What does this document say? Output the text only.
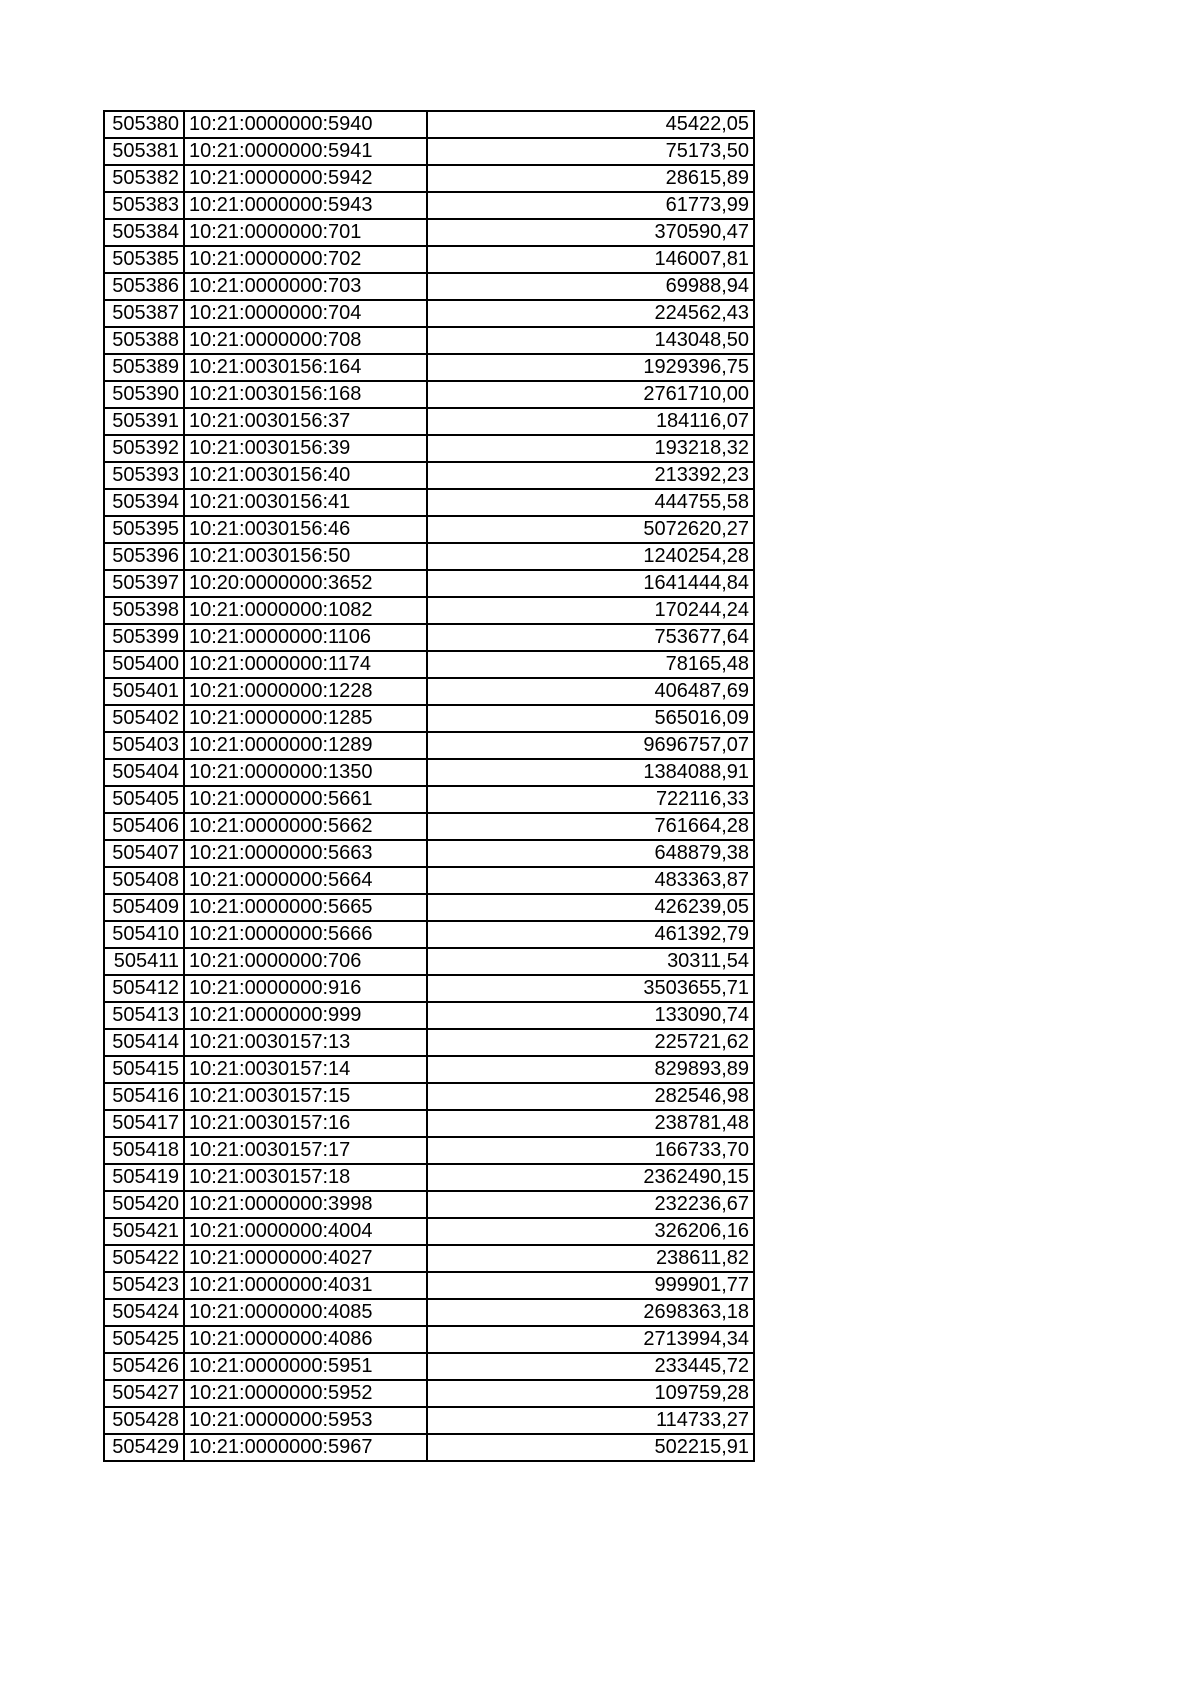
505380	10:21:0000000:5940	45422,05
505381	10:21:0000000:5941	75173,50
505382	10:21:0000000:5942	28615,89
505383	10:21:0000000:5943	61773,99
505384	10:21:0000000:701	370590,47
505385	10:21:0000000:702	146007,81
505386	10:21:0000000:703	69988,94
505387	10:21:0000000:704	224562,43
505388	10:21:0000000:708	143048,50
505389	10:21:0030156:164	1929396,75
505390	10:21:0030156:168	2761710,00
505391	10:21:0030156:37	184116,07
505392	10:21:0030156:39	193218,32
505393	10:21:0030156:40	213392,23
505394	10:21:0030156:41	444755,58
505395	10:21:0030156:46	5072620,27
505396	10:21:0030156:50	1240254,28
505397	10:20:0000000:3652	1641444,84
505398	10:21:0000000:1082	170244,24
505399	10:21:0000000:1106	753677,64
505400	10:21:0000000:1174	78165,48
505401	10:21:0000000:1228	406487,69
505402	10:21:0000000:1285	565016,09
505403	10:21:0000000:1289	9696757,07
505404	10:21:0000000:1350	1384088,91
505405	10:21:0000000:5661	722116,33
505406	10:21:0000000:5662	761664,28
505407	10:21:0000000:5663	648879,38
505408	10:21:0000000:5664	483363,87
505409	10:21:0000000:5665	426239,05
505410	10:21:0000000:5666	461392,79
505411	10:21:0000000:706	30311,54
505412	10:21:0000000:916	3503655,71
505413	10:21:0000000:999	133090,74
505414	10:21:0030157:13	225721,62
505415	10:21:0030157:14	829893,89
505416	10:21:0030157:15	282546,98
505417	10:21:0030157:16	238781,48
505418	10:21:0030157:17	166733,70
505419	10:21:0030157:18	2362490,15
505420	10:21:0000000:3998	232236,67
505421	10:21:0000000:4004	326206,16
505422	10:21:0000000:4027	238611,82
505423	10:21:0000000:4031	999901,77
505424	10:21:0000000:4085	2698363,18
505425	10:21:0000000:4086	2713994,34
505426	10:21:0000000:5951	233445,72
505427	10:21:0000000:5952	109759,28
505428	10:21:0000000:5953	114733,27
505429	10:21:0000000:5967	502215,91
